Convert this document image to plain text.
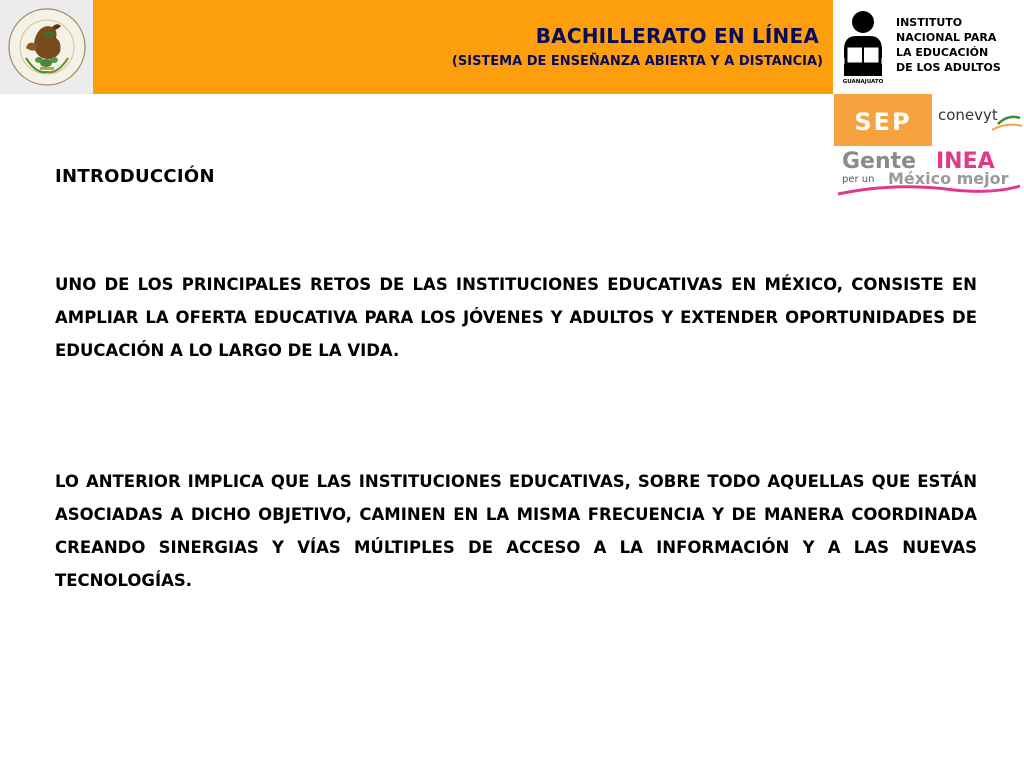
BACHILLERATO EN LÍNEA

(SISTEMA DE ENSEÑANZA ABIERTA Y A DISTANCIA)

GUANAJUATO
INSTITUTO
NACIONAL PARA
LA EDUCACIÓN
DE LOS ADULTOS
SEP conevyt
Gente INEA
per un México mejor
INTRODUCCIÓN

UNO DE LOS PRINCIPALES RETOS DE LAS INSTITUCIONES EDUCATIVAS EN MÉXICO, CONSISTE EN AMPLIAR LA OFERTA EDUCATIVA PARA LOS JÓVENES Y ADULTOS Y EXTENDER OPORTUNIDADES DE EDUCACIÓN A LO LARGO DE LA VIDA.

LO ANTERIOR IMPLICA QUE LAS INSTITUCIONES EDUCATIVAS, SOBRE TODO AQUELLAS QUE ESTÁN ASOCIADAS A DICHO OBJETIVO, CAMINEN EN LA MISMA FRECUENCIA Y DE MANERA COORDINADA CREANDO SINERGIAS Y VÍAS MÚLTIPLES DE ACCESO A LA INFORMACIÓN Y A LAS NUEVAS TECNOLOGÍAS.
